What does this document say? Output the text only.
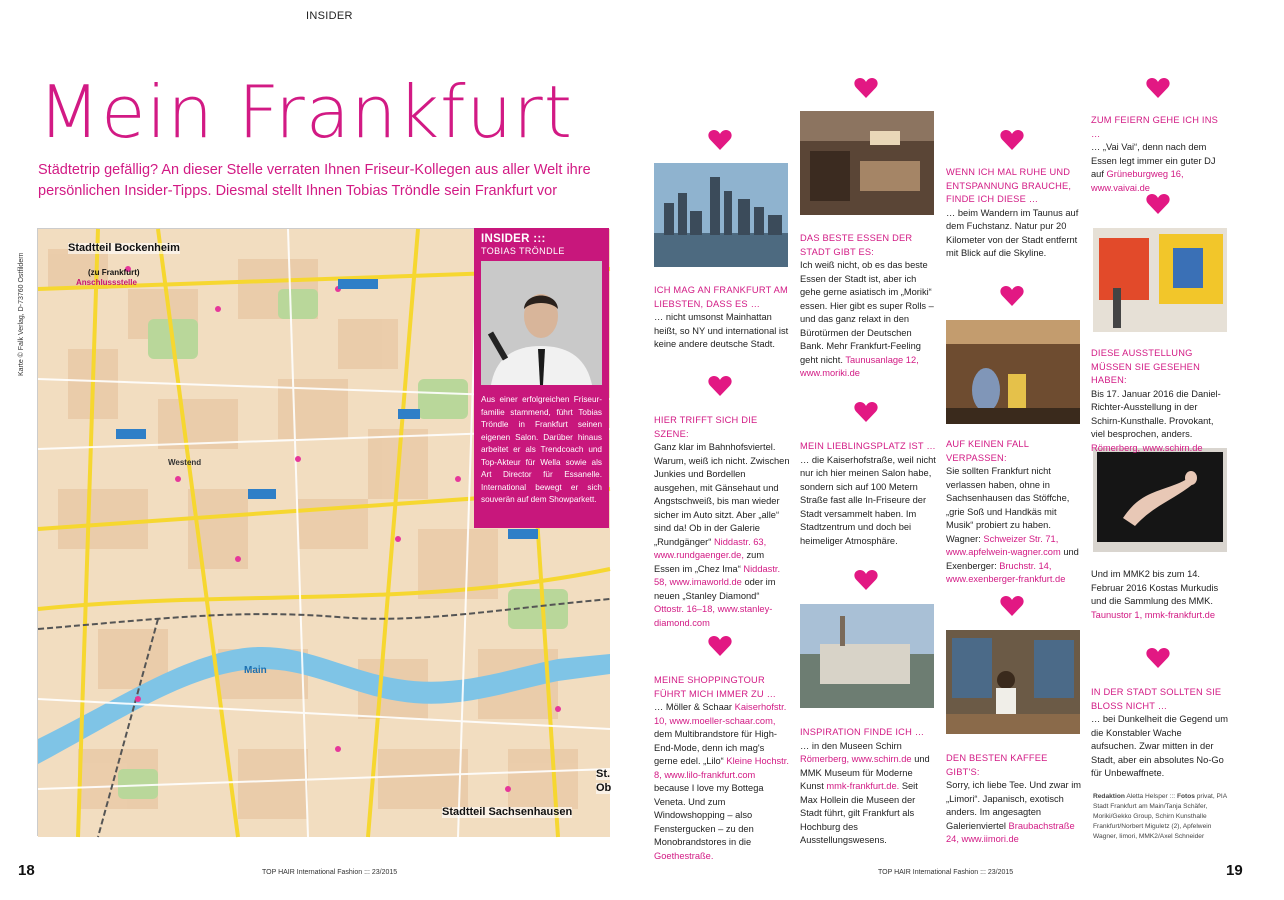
INSIDER
Mein Frankfurt
Städtetrip gefällig? An dieser Stelle verraten Ihnen Friseur-Kollegen aus aller Welt ihre persönlichen Insider-Tipps. Diesmal stellt Ihnen Tobias Tröndle sein Frankfurt vor
Karte © Falk Verlag, D-73760 Ostfildern
Stadtteil Bockenheim
(zu Frankfurt)
Anschlussstelle
Westend
Main
Stadtteil Sachsenhausen
St.
Ob
INSIDER :::
TOBIAS TRÖNDLE
Aus einer erfolgreichen Friseur-familie stammend, führt Tobias Tröndle in Frankfurt seinen eigenen Salon. Darüber hinaus arbeitet er als Trendcoach und Top-Akteur für Wella sowie als Art Director für Essanelle. International bewegt er sich souverän auf dem Showparkett.
18	TOP HAIR International Fashion ::: 23/2015	TOP HAIR International Fashion ::: 23/2015	19
ICH MAG AN FRANKFURT AM LIEBSTEN, DASS ES …
… nicht umsonst Mainhattan heißt, so NY und international ist keine andere deutsche Stadt.
HIER TRIFFT SICH DIE SZENE:
Ganz klar im Bahnhofsviertel. Warum, weiß ich nicht. Zwischen Junkies und Bordellen ausgehen, mit Gänsehaut und Angstschweiß, bis man wieder sicher im Auto sitzt. Aber „alle“ sind da! Ob in der Galerie „Rundgänger“ Niddastr. 63, www.rundgaenger.de, zum Essen im „Chez Ima“ Niddastr. 58, www.imaworld.de oder im neuen „Stanley Diamond“ Ottostr. 16–18, www.stanley-diamond.com
MEINE SHOPPINGTOUR FÜHRT MICH IMMER ZU …
… Möller & Schaar Kaiserhofstr. 10, www.moeller-schaar.com, dem Multibrandstore für High-End-Mode, denn ich mag's gerne edel. „Lilo“ Kleine Hochstr. 8, www.lilo-frankfurt.com because I love my Bottega Veneta. Und zum Windowshopping – also Fenstergucken – zu den Monobrandstores in die Goethestraße.
DAS BESTE ESSEN DER STADT GIBT ES:
Ich weiß nicht, ob es das beste Essen der Stadt ist, aber ich gehe gerne asiatisch im „Moriki“ essen. Hier gibt es super Rolls – und das ganz relaxt in den Bürotürmen der Deutschen Bank. Mehr Frankfurt-Feeling geht nicht. Taunusanlage 12, www.moriki.de
MEIN LIEBLINGSPLATZ IST …
… die Kaiserhofstraße, weil nicht nur ich hier meinen Salon habe, sondern sich auf 100 Metern Straße fast alle In-Friseure der Stadt versammelt haben. Im Stadtzentrum und doch bei heimeliger Atmosphäre.
INSPIRATION FINDE ICH …
… in den Museen Schirn Römerberg, www.schirn.de und MMK Museum für Moderne Kunst mmk-frankfurt.de. Seit Max Hollein die Museen der Stadt führt, gilt Frankfurt als Hochburg des Ausstellungswesens.
WENN ICH MAL RUHE UND ENTSPANNUNG BRAUCHE, FINDE ICH DIESE …
… beim Wandern im Taunus auf dem Fuchstanz. Natur pur 20 Kilometer von der Stadt entfernt mit Blick auf die Skyline.
AUF KEINEN FALL VERPASSEN:
Sie sollten Frankfurt nicht verlassen haben, ohne in Sachsenhausen das Stöffche, „grie Soß und Handkäs mit Musik“ probiert zu haben. Wagner: Schweizer Str. 71, www.apfelwein-wagner.com und Exenberger: Bruchstr. 14, www.exenberger-frankfurt.de
DEN BESTEN KAFFEE GIBT'S:
Sorry, ich liebe Tee. Und zwar im „Limori“. Japanisch, exotisch anders. Im angesagten Galerienviertel Braubachstraße 24, www.iimori.de
ZUM FEIERN GEHE ICH INS …
… „Vai Vai“, denn nach dem Essen legt immer ein guter DJ auf Grüneburgweg 16, www.vaivai.de
DIESE AUSSTELLUNG MÜSSEN SIE GESEHEN HABEN:
Bis 17. Januar 2016 die Daniel-Richter-Ausstellung in der Schirn-Kunsthalle. Provokant, viel besprochen, anders. Römerberg, www.schirn.de
Und im MMK2 bis zum 14. Februar 2016 Kostas Murkudis und die Sammlung des MMK. Taunustor 1, mmk-frankfurt.de
IN DER STADT SOLLTEN SIE BLOSS NICHT …
… bei Dunkelheit die Gegend um die Konstabler Wache aufsuchen. Zwar mitten in der Stadt, aber ein absolutes No-Go für Unbewaffnete.
Redaktion Aletta Helsper ::: Fotos privat, PIA Stadt Frankfurt am Main/Tanja Schäfer, Moriki/Gekko Group, Schirn Kunsthalle Frankfurt/Norbert Miguletz (2), Apfelwein Wagner, Iimori, MMK2/Axel Schneider
